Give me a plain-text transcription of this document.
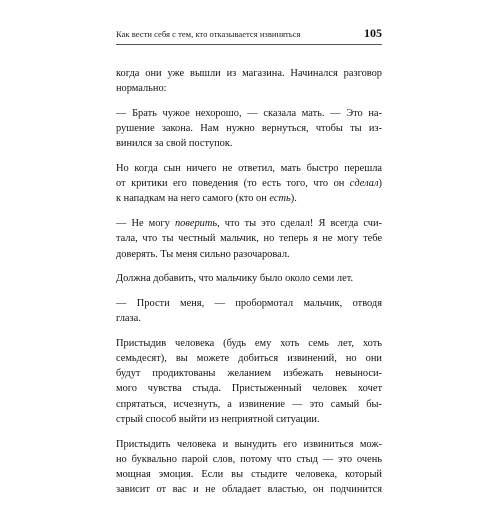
Как вести себя с тем, кто отказывается извиняться	105

когда они уже вышли из магазина. Начинался разговор
нормально:

— Брать чужое нехорошо, — сказала мать. — Это на-
рушение закона. Нам нужно вернуться, чтобы ты из-
винился за свой поступок.

Но когда сын ничего не ответил, мать быстро перешла
от критики его поведения (то есть того, что он сделал)
к нападкам на него самого (кто он есть).

— Не могу поверить, что ты это сделал! Я всегда счи-
тала, что ты честный мальчик, но теперь я не могу тебе
доверять. Ты меня сильно разочаровал.

Должна добавить, что мальчику было около семи лет.

— Прости меня, — пробормотал мальчик, отводя
глаза.

Пристыдив человека (будь ему хоть семь лет, хоть
семьдесят), вы можете добиться извинений, но они
будут продиктованы желанием избежать невыноси-
мого чувства стыда. Пристыженный человек хочет
спрятаться, исчезнуть, а извинение — это самый бы-
стрый способ выйти из неприятной ситуации.

Пристыдить человека и вынудить его извиниться мож-
но буквально парой слов, потому что стыд — это очень
мощная эмоция. Если вы стыдите человека, который
зависит от вас и не обладает властью, он подчинится
